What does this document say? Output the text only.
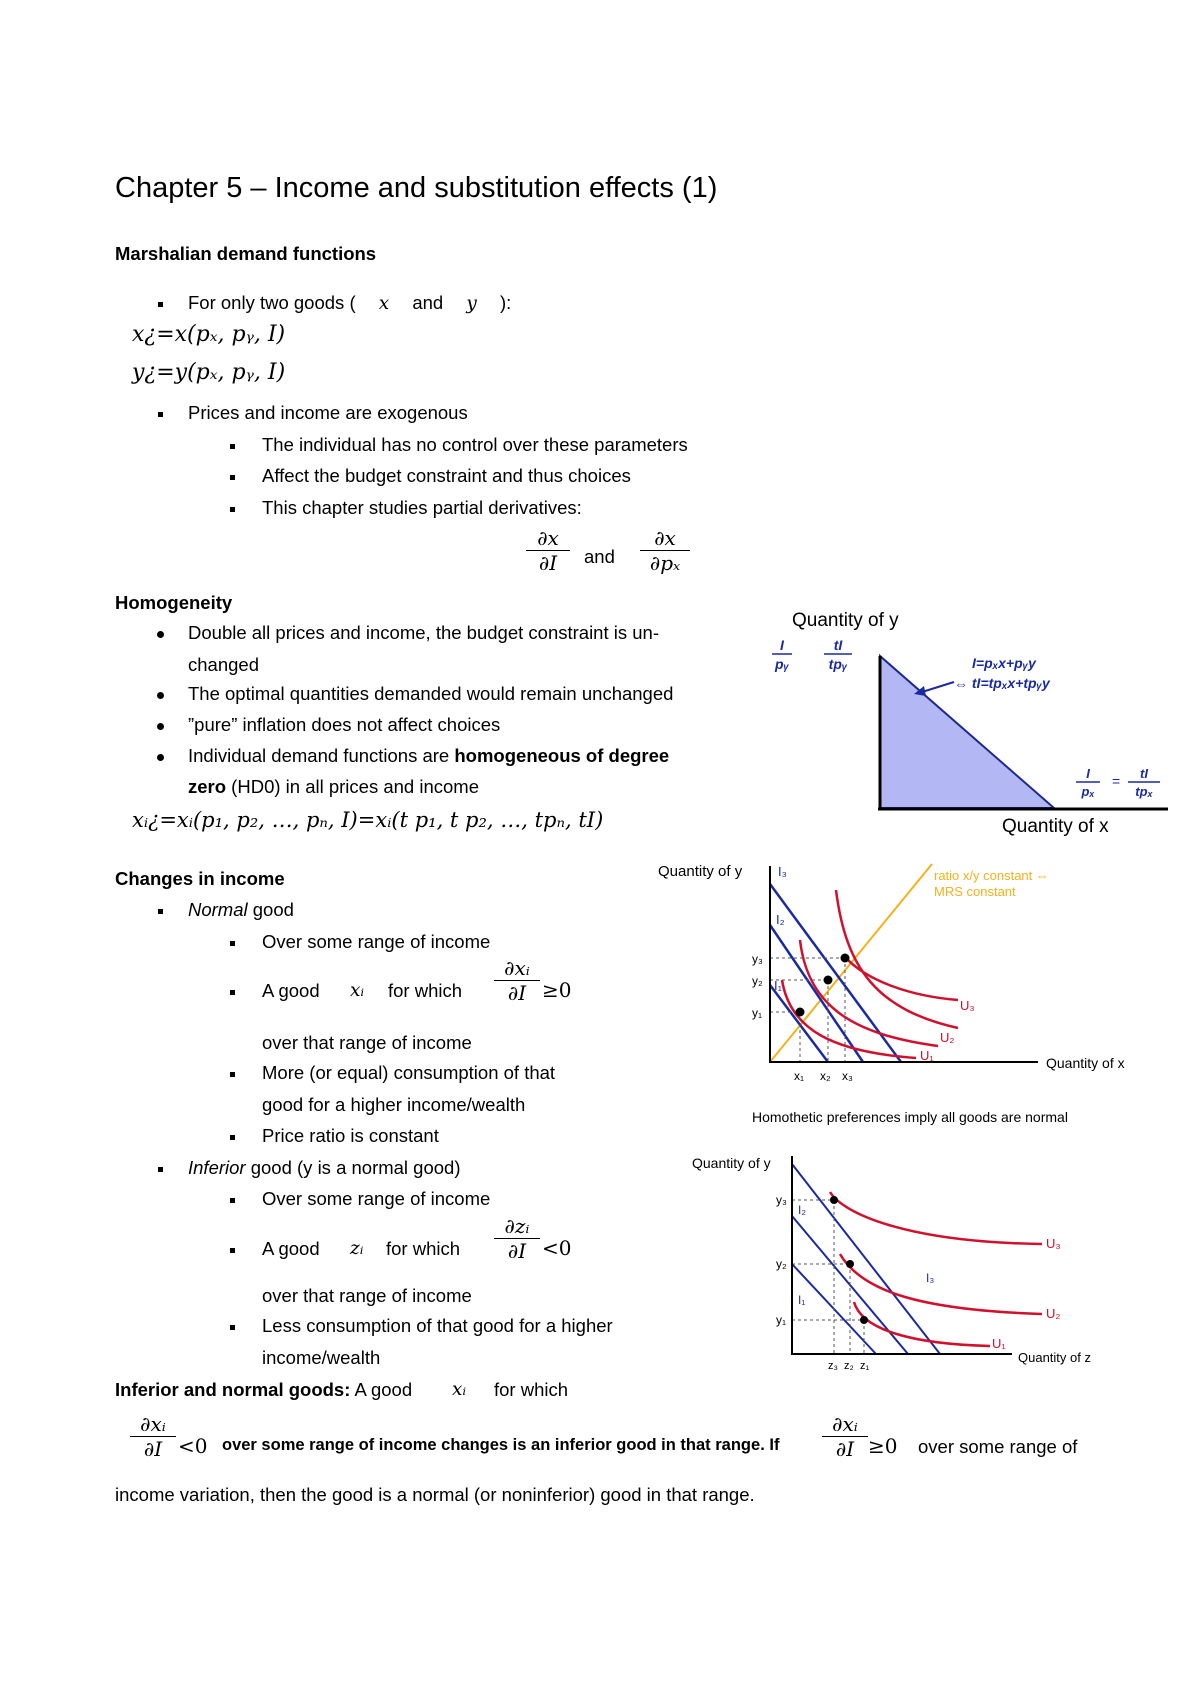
Chapter 5 – Income and substitution effects (1)
Marshalian demand functions
For only two goods ( x and y ):
x¿=x(pₓ, pᵧ, I)
y¿=y(pₓ, pᵧ, I)
Prices and income are exogenous
The individual has no control over these parameters
Affect the budget constraint and thus choices
This chapter studies partial derivatives:
$\frac{\partial x}{\partial I}$ and $\frac{\partial x}{\text{∂pₓ}}$
Homogeneity
Double all prices and income, the budget constraint is un-
changed
The optimal quantities demanded would remain unchanged
”pure” inflation does not affect choices
Individual demand functions are homogeneous of degree
zero (HD0) in all prices and income
xᵢ¿=xᵢ(p₁, p₂, …, pₙ, I)=xᵢ(t p₁, t p₂, …, tpₙ, tI)
Changes in income
Normal good
Over some range of income
A good xᵢ for which $\frac{\text{∂xᵢ}}{\partial I} \ge 0$
over that range of income
More (or equal) consumption of that
good for a higher income/wealth
Price ratio is constant
Inferior good (y is a normal good)
Over some range of income
A good zᵢ for which $\frac{\text{∂zᵢ}}{\partial I} <0$
over that range of income
Less consumption of that good for a higher
income/wealth
Inferior and normal goods: A good xᵢ for which
$\frac{\text{∂xᵢ}}{\partial I} <0$ over some range of income changes is an inferior good in that range. If $\frac{\text{∂xᵢ}}{\partial I} \ge 0$ over some range of
income variation, then the good is a normal (or noninferior) good in that range.
Quantity of y
I
pᵧ
tI
tpᵧ	I=pₓx+pᵧy
⇔ tI=tpₓx+tpᵧy
I
pₓ
= tI
tpₓ
Quantity of x
Quantity of y	ratio x/y constant ⇔
MRS constant
I₃
I₂
I₁
U₃
U₂
U₁
y₃
y₂
y₁
x₁ x₂ x₃
Quantity of x
Homothetic preferences imply all goods are normal
Quantity of y
I₂
I₁
I₃
U₃
U₂
U₁
y₃
y₂
y₁
z₃ z₂ z₁
Quantity of z
